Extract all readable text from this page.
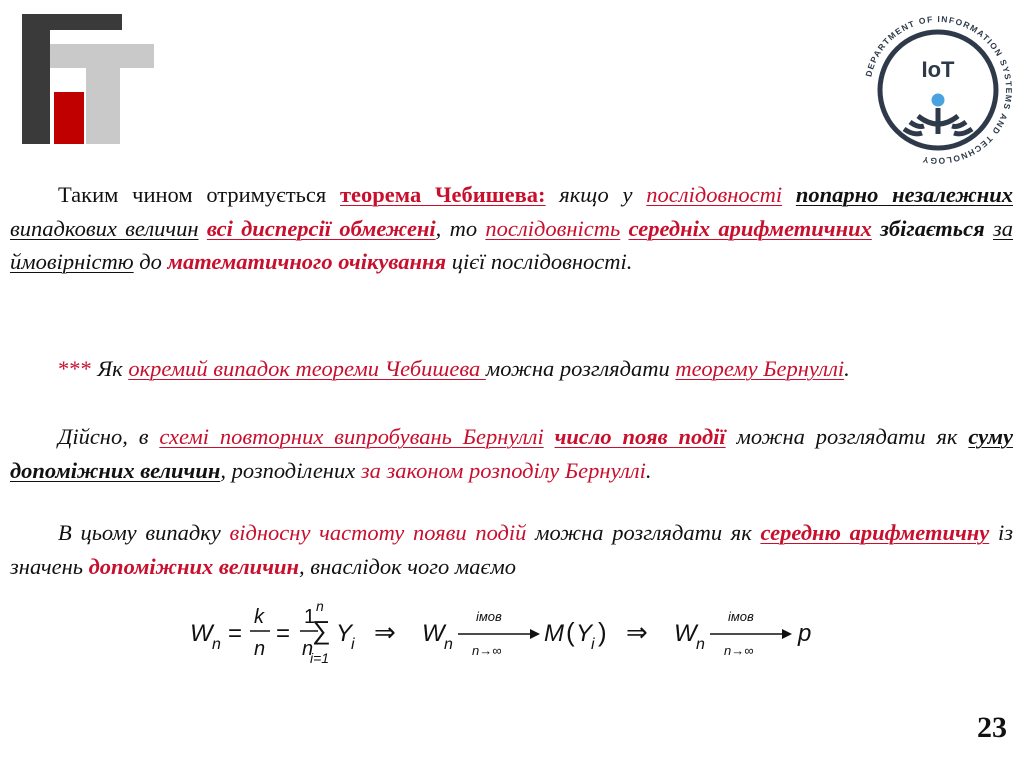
DEPARTMENT OF INFORMATION SYSTEMS AND TECHNOLOGY
IoT

Таким чином отримується теорема Чебишева: якщо у послідовності попарно незалежних випадкових величин всі дисперсії обмежені, то послідовність середніх арифметичних збігається за ймовірністю до математичного очікування цієї послідовності.

*** Як окремий випадок теореми Чебишева можна розглядати теорему Бернуллі.

Дійсно, в схемі повторних випробувань Бернуллі число появ події можна розглядати як суму допоміжних величин, розподілених за законом розподілу Бернуллі.

В цьому випадку відносну частоту появи подій можна розглядати як середню арифметичну із значень допоміжних величин, внаслідок чого маємо

W n =
k
n
=
1
n
n
∑
i=1
Y
i ⇒ W n
імов
n→∞
M ( Y
i ) ⇒ W n
імов
n→∞
p
23
